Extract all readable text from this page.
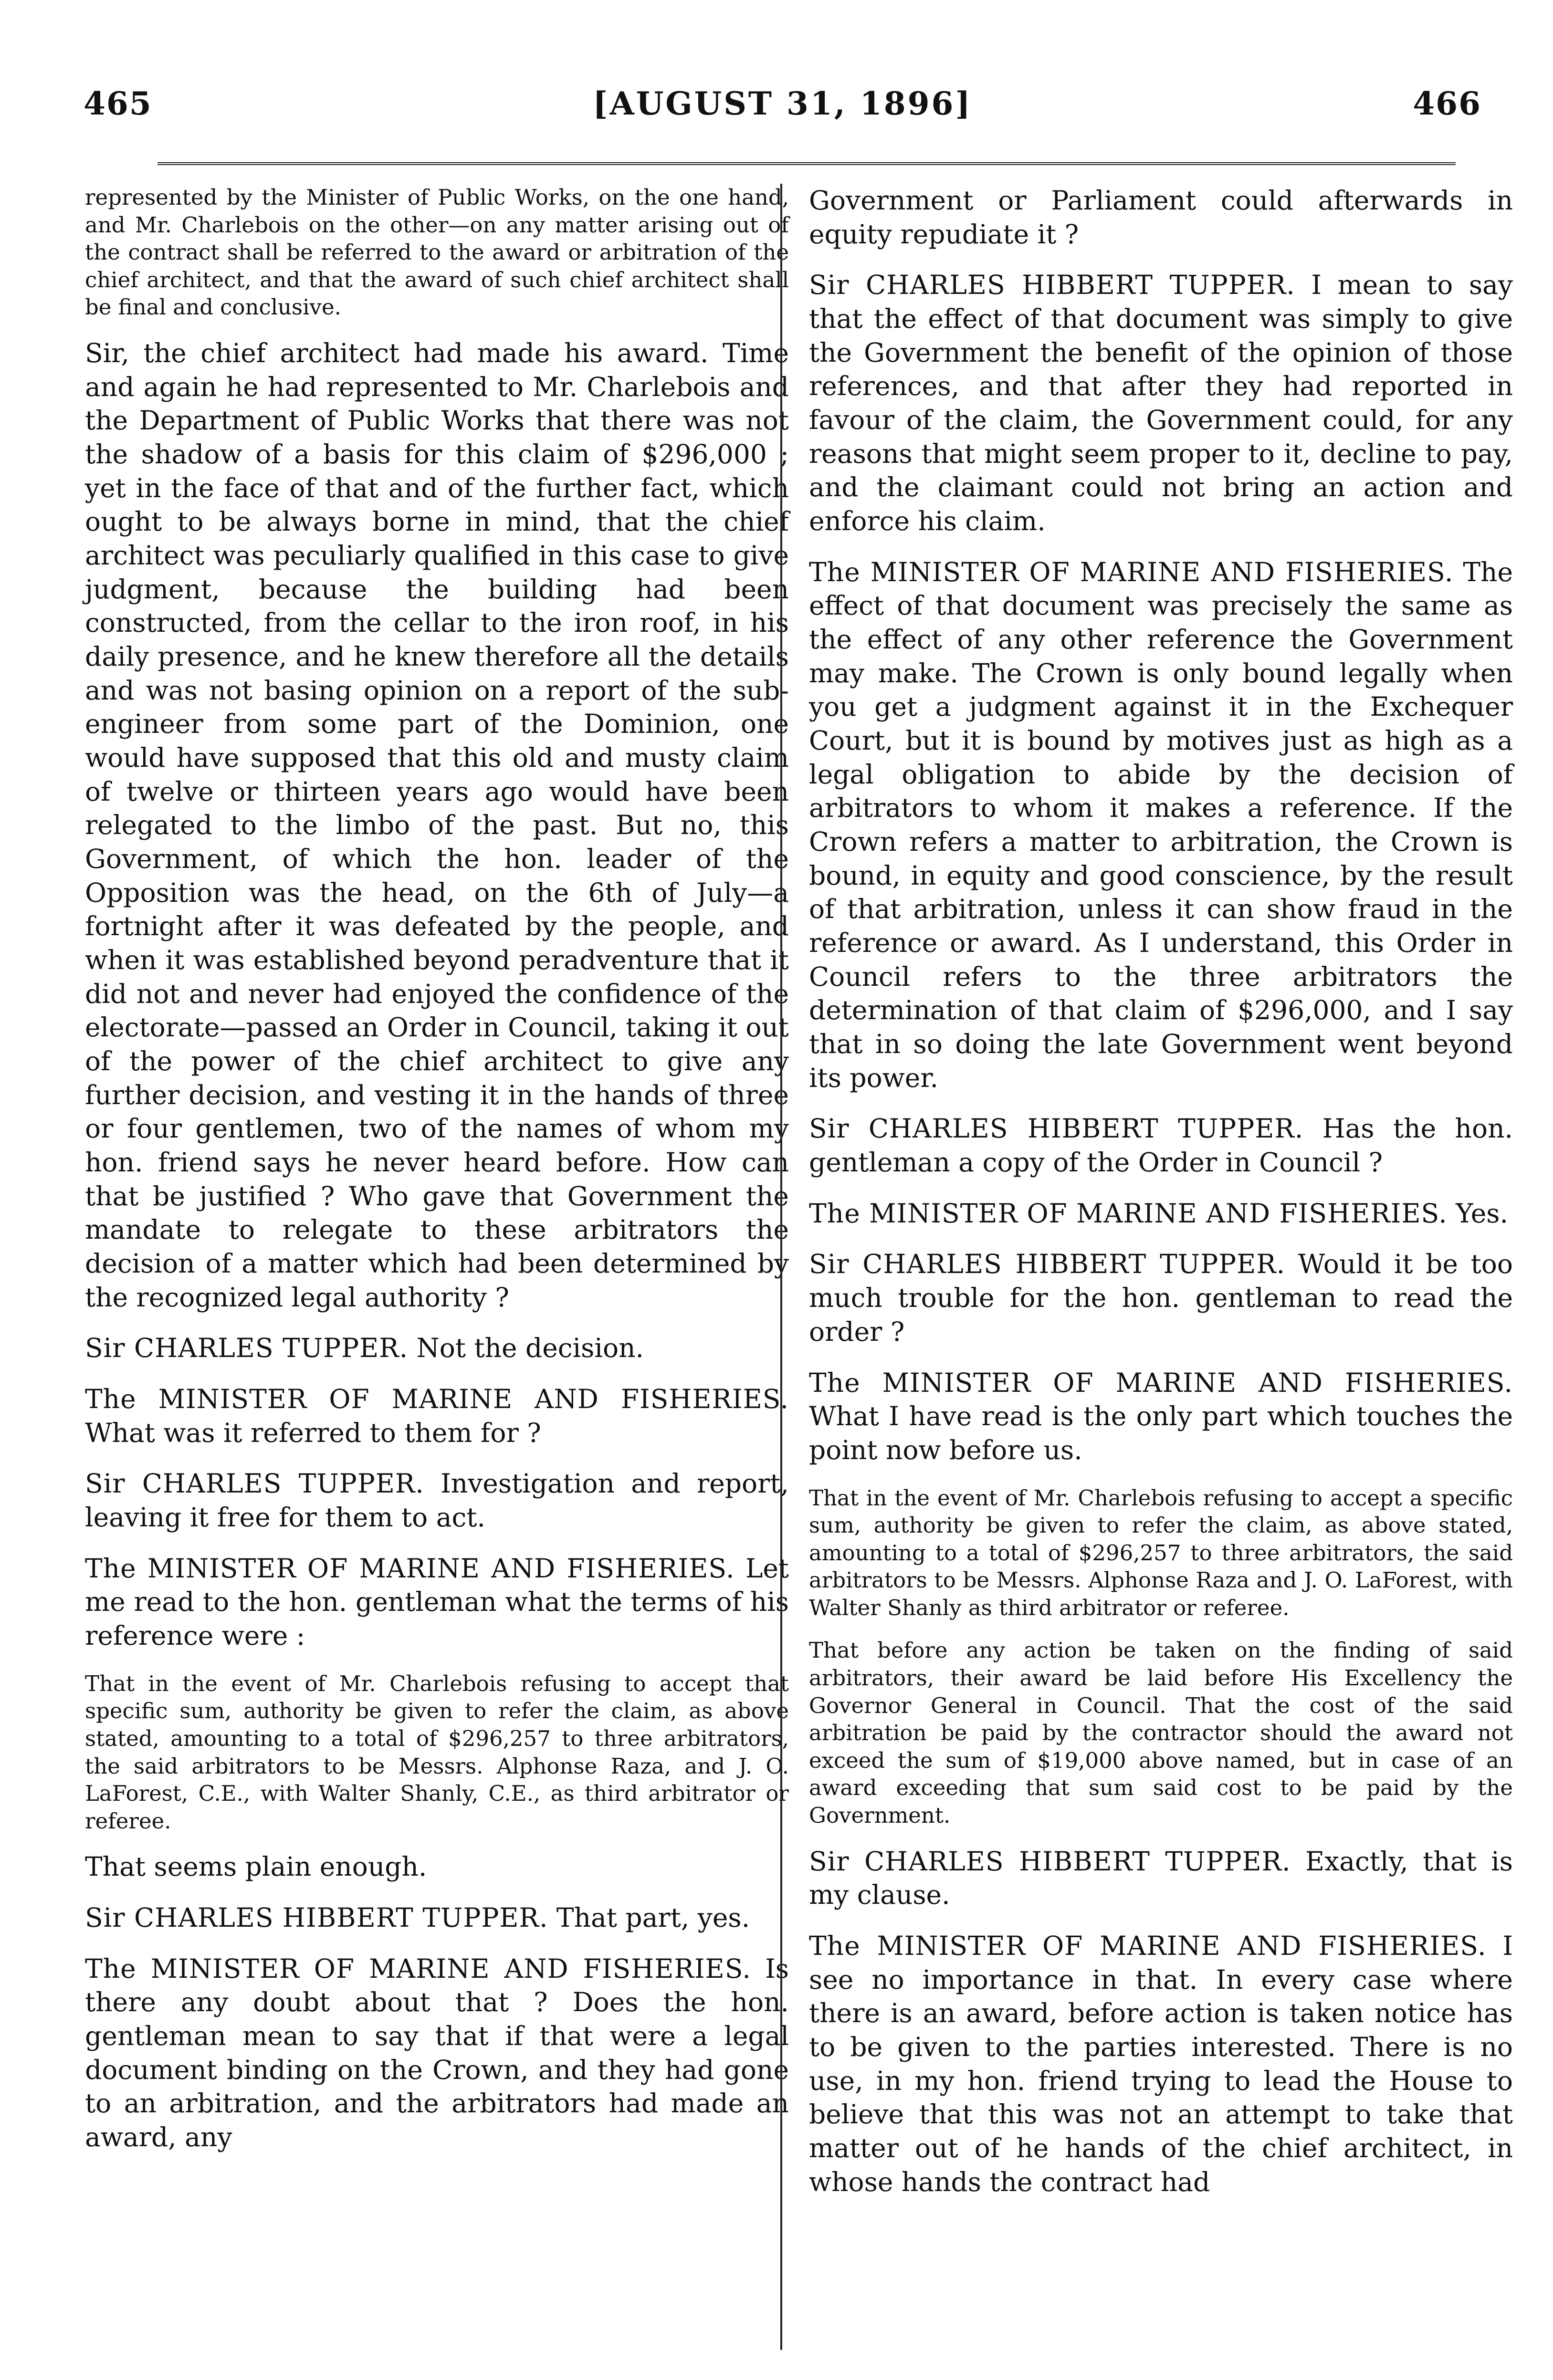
[AUGUST 31, 1896]
465	466

represented by the Minister of Public Works, on the one hand, and Mr. Charlebois on the other—on any matter arising out of the contract shall be referred to the award or arbitration of the chief architect, and that the award of such chief architect shall be final and conclusive.

Sir, the chief architect had made his award. Time and again he had represented to Mr. Charlebois and the Department of Public Works that there was not the shadow of a basis for this claim of $296,000 ; yet in the face of that and of the further fact, which ought to be always borne in mind, that the chief architect was peculiarly qualified in this case to give judgment, because the building had been constructed, from the cellar to the iron roof, in his daily presence, and he knew therefore all the details and was not basing opinion on a report of the sub-engineer from some part of the Dominion, one would have supposed that this old and musty claim of twelve or thirteen years ago would have been relegated to the limbo of the past. But no, this Government, of which the hon. leader of the Opposition was the head, on the 6th of July—a fortnight after it was defeated by the people, and when it was established beyond peradventure that it did not and never had enjoyed the confidence of the electorate—passed an Order in Council, taking it out of the power of the chief architect to give any further decision, and vesting it in the hands of three or four gentlemen, two of the names of whom my hon. friend says he never heard before. How can that be justified ? Who gave that Government the mandate to relegate to these arbitrators the decision of a matter which had been determined by the recognized legal authority ?

Sir CHARLES TUPPER. Not the decision.

The MINISTER OF MARINE AND FISHERIES. What was it referred to them for ?

Sir CHARLES TUPPER. Investigation and report, leaving it free for them to act.

The MINISTER OF MARINE AND FISHERIES. Let me read to the hon. gentleman what the terms of his reference were :

That in the event of Mr. Charlebois refusing to accept that specific sum, authority be given to refer the claim, as above stated, amounting to a total of $296,257 to three arbitrators, the said arbitrators to be Messrs. Alphonse Raza, and J. O. LaForest, C.E., with Walter Shanly, C.E., as third arbitrator or referee.

That seems plain enough.

Sir CHARLES HIBBERT TUPPER. That part, yes.

The MINISTER OF MARINE AND FISHERIES. Is there any doubt about that ? Does the hon. gentleman mean to say that if that were a legal document binding on the Crown, and they had gone to an arbitration, and the arbitrators had made an award, any

Government or Parliament could afterwards in equity repudiate it ?

Sir CHARLES HIBBERT TUPPER. I mean to say that the effect of that document was simply to give the Government the benefit of the opinion of those references, and that after they had reported in favour of the claim, the Government could, for any reasons that might seem proper to it, decline to pay, and the claimant could not bring an action and enforce his claim.

The MINISTER OF MARINE AND FISHERIES. The effect of that document was precisely the same as the effect of any other reference the Government may make. The Crown is only bound legally when you get a judgment against it in the Exchequer Court, but it is bound by motives just as high as a legal obligation to abide by the decision of arbitrators to whom it makes a reference. If the Crown refers a matter to arbitration, the Crown is bound, in equity and good conscience, by the result of that arbitration, unless it can show fraud in the reference or award. As I understand, this Order in Council refers to the three arbitrators the determination of that claim of $296,000, and I say that in so doing the late Government went beyond its power.

Sir CHARLES HIBBERT TUPPER. Has the hon. gentleman a copy of the Order in Council ?

The MINISTER OF MARINE AND FISHERIES. Yes.

Sir CHARLES HIBBERT TUPPER. Would it be too much trouble for the hon. gentleman to read the order ?

The MINISTER OF MARINE AND FISHERIES. What I have read is the only part which touches the point now before us.

That in the event of Mr. Charlebois refusing to accept a specific sum, authority be given to refer the claim, as above stated, amounting to a total of $296,257 to three arbitrators, the said arbitrators to be Messrs. Alphonse Raza and J. O. LaForest, with Walter Shanly as third arbitrator or referee.

That before any action be taken on the finding of said arbitrators, their award be laid before His Excellency the Governor General in Council. That the cost of the said arbitration be paid by the contractor should the award not exceed the sum of $19,000 above named, but in case of an award exceeding that sum said cost to be paid by the Government.

Sir CHARLES HIBBERT TUPPER. Exactly, that is my clause.

The MINISTER OF MARINE AND FISHERIES. I see no importance in that. In every case where there is an award, before action is taken notice has to be given to the parties interested. There is no use, in my hon. friend trying to lead the House to believe that this was not an attempt to take that matter out of he hands of the chief architect, in whose hands the contract had
